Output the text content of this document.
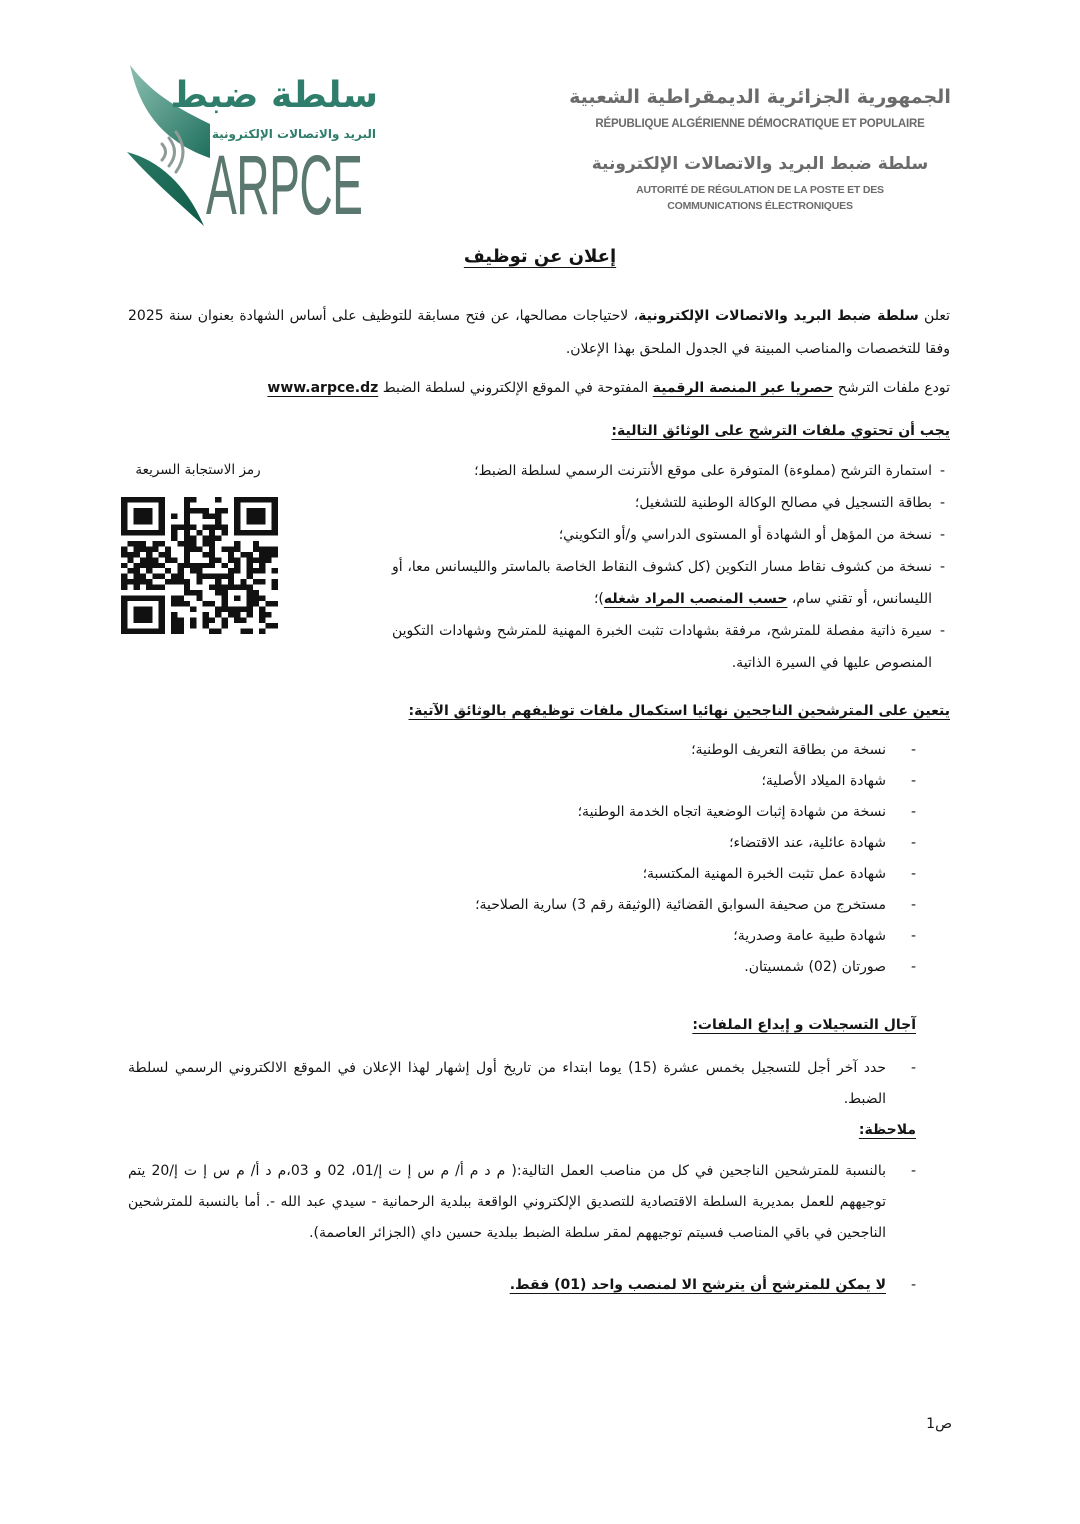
سلطة ضبط
البريد والاتصالات الإلكترونية
ARPCE
الجمهورية الجزائرية الديمقراطية الشعبية
RÉPUBLIQUE ALGÉRIENNE DÉMOCRATIQUE ET POPULAIRE
سلطة ضبط البريد والاتصالات الإلكترونية
AUTORITÉ DE RÉGULATION DE LA POSTE ET DES
COMMUNICATIONS ÉLECTRONIQUES
إعلان عن توظيف
رمز الاستجابة السريعة

تعلن سلطة ضبط البريد والاتصالات الإلكترونية، لاحتياجات مصالحها، عن فتح مسابقة للتوظيف على أساس الشهادة بعنوان سنة 2025 وفقا للتخصصات والمناصب المبينة في الجدول الملحق بهذا الإعلان.

تودع ملفات الترشح حصريا عبر المنصة الرقمية المفتوحة في الموقع الإلكتروني لسلطة الضبط www.arpce.dz

يجب أن تحتوي ملفات الترشح على الوثائق التالية:

- استمارة الترشح (مملوءة) المتوفرة على موقع الأنترنت الرسمي لسلطة الضبط؛
- بطاقة التسجيل في مصالح الوكالة الوطنية للتشغيل؛
- نسخة من المؤهل أو الشهادة أو المستوى الدراسي و/أو التكويني؛
- نسخة من كشوف نقاط مسار التكوين (كل كشوف النقاط الخاصة بالماستر والليسانس معا، أو الليسانس، أو تقني سام، حسب المنصب المراد شغله)؛
- سيرة ذاتية مفصلة للمترشح، مرفقة بشهادات تثبت الخبرة المهنية للمترشح وشهادات التكوين المنصوص عليها في السيرة الذاتية.

يتعين على المترشحين الناجحين نهائيا استكمال ملفات توظيفهم بالوثائق الآتية:

- نسخة من بطاقة التعريف الوطنية؛
- شهادة الميلاد الأصلية؛
- نسخة من شهادة إثبات الوضعية اتجاه الخدمة الوطنية؛
- شهادة عائلية، عند الاقتضاء؛
- شهادة عمل تثبت الخبرة المهنية المكتسبة؛
- مستخرج من صحيفة السوابق القضائية (الوثيقة رقم 3) سارية الصلاحية؛
- شهادة طبية عامة وصدرية؛
- صورتان (02) شمسيتان.

آجال التسجيلات و إيداع الملفات:

- حدد آخر أجل للتسجيل بخمس عشرة (15) يوما ابتداء من تاريخ أول إشهار لهذا الإعلان في الموقع الالكتروني الرسمي لسلطة الضبط.

ملاحظة:

- بالنسبة للمترشحين الناجحين في كل من مناصب العمل التالية:( م د م أ/ م س إ ت إ/01، 02 و 03،م د أ/ م س إ ت إ/20 يتم توجيههم للعمل بمديرية السلطة الاقتصادية للتصديق الإلكتروني الواقعة ببلدية الرحمانية - سيدي عبد الله -. أما بالنسبة للمترشحين الناجحين في باقي المناصب فسيتم توجيههم لمقر سلطة الضبط ببلدية حسين داي (الجزائر العاصمة).
- لا يمكن للمترشح أن يترشح الا لمنصب واحد (01) فقط.
ص1
